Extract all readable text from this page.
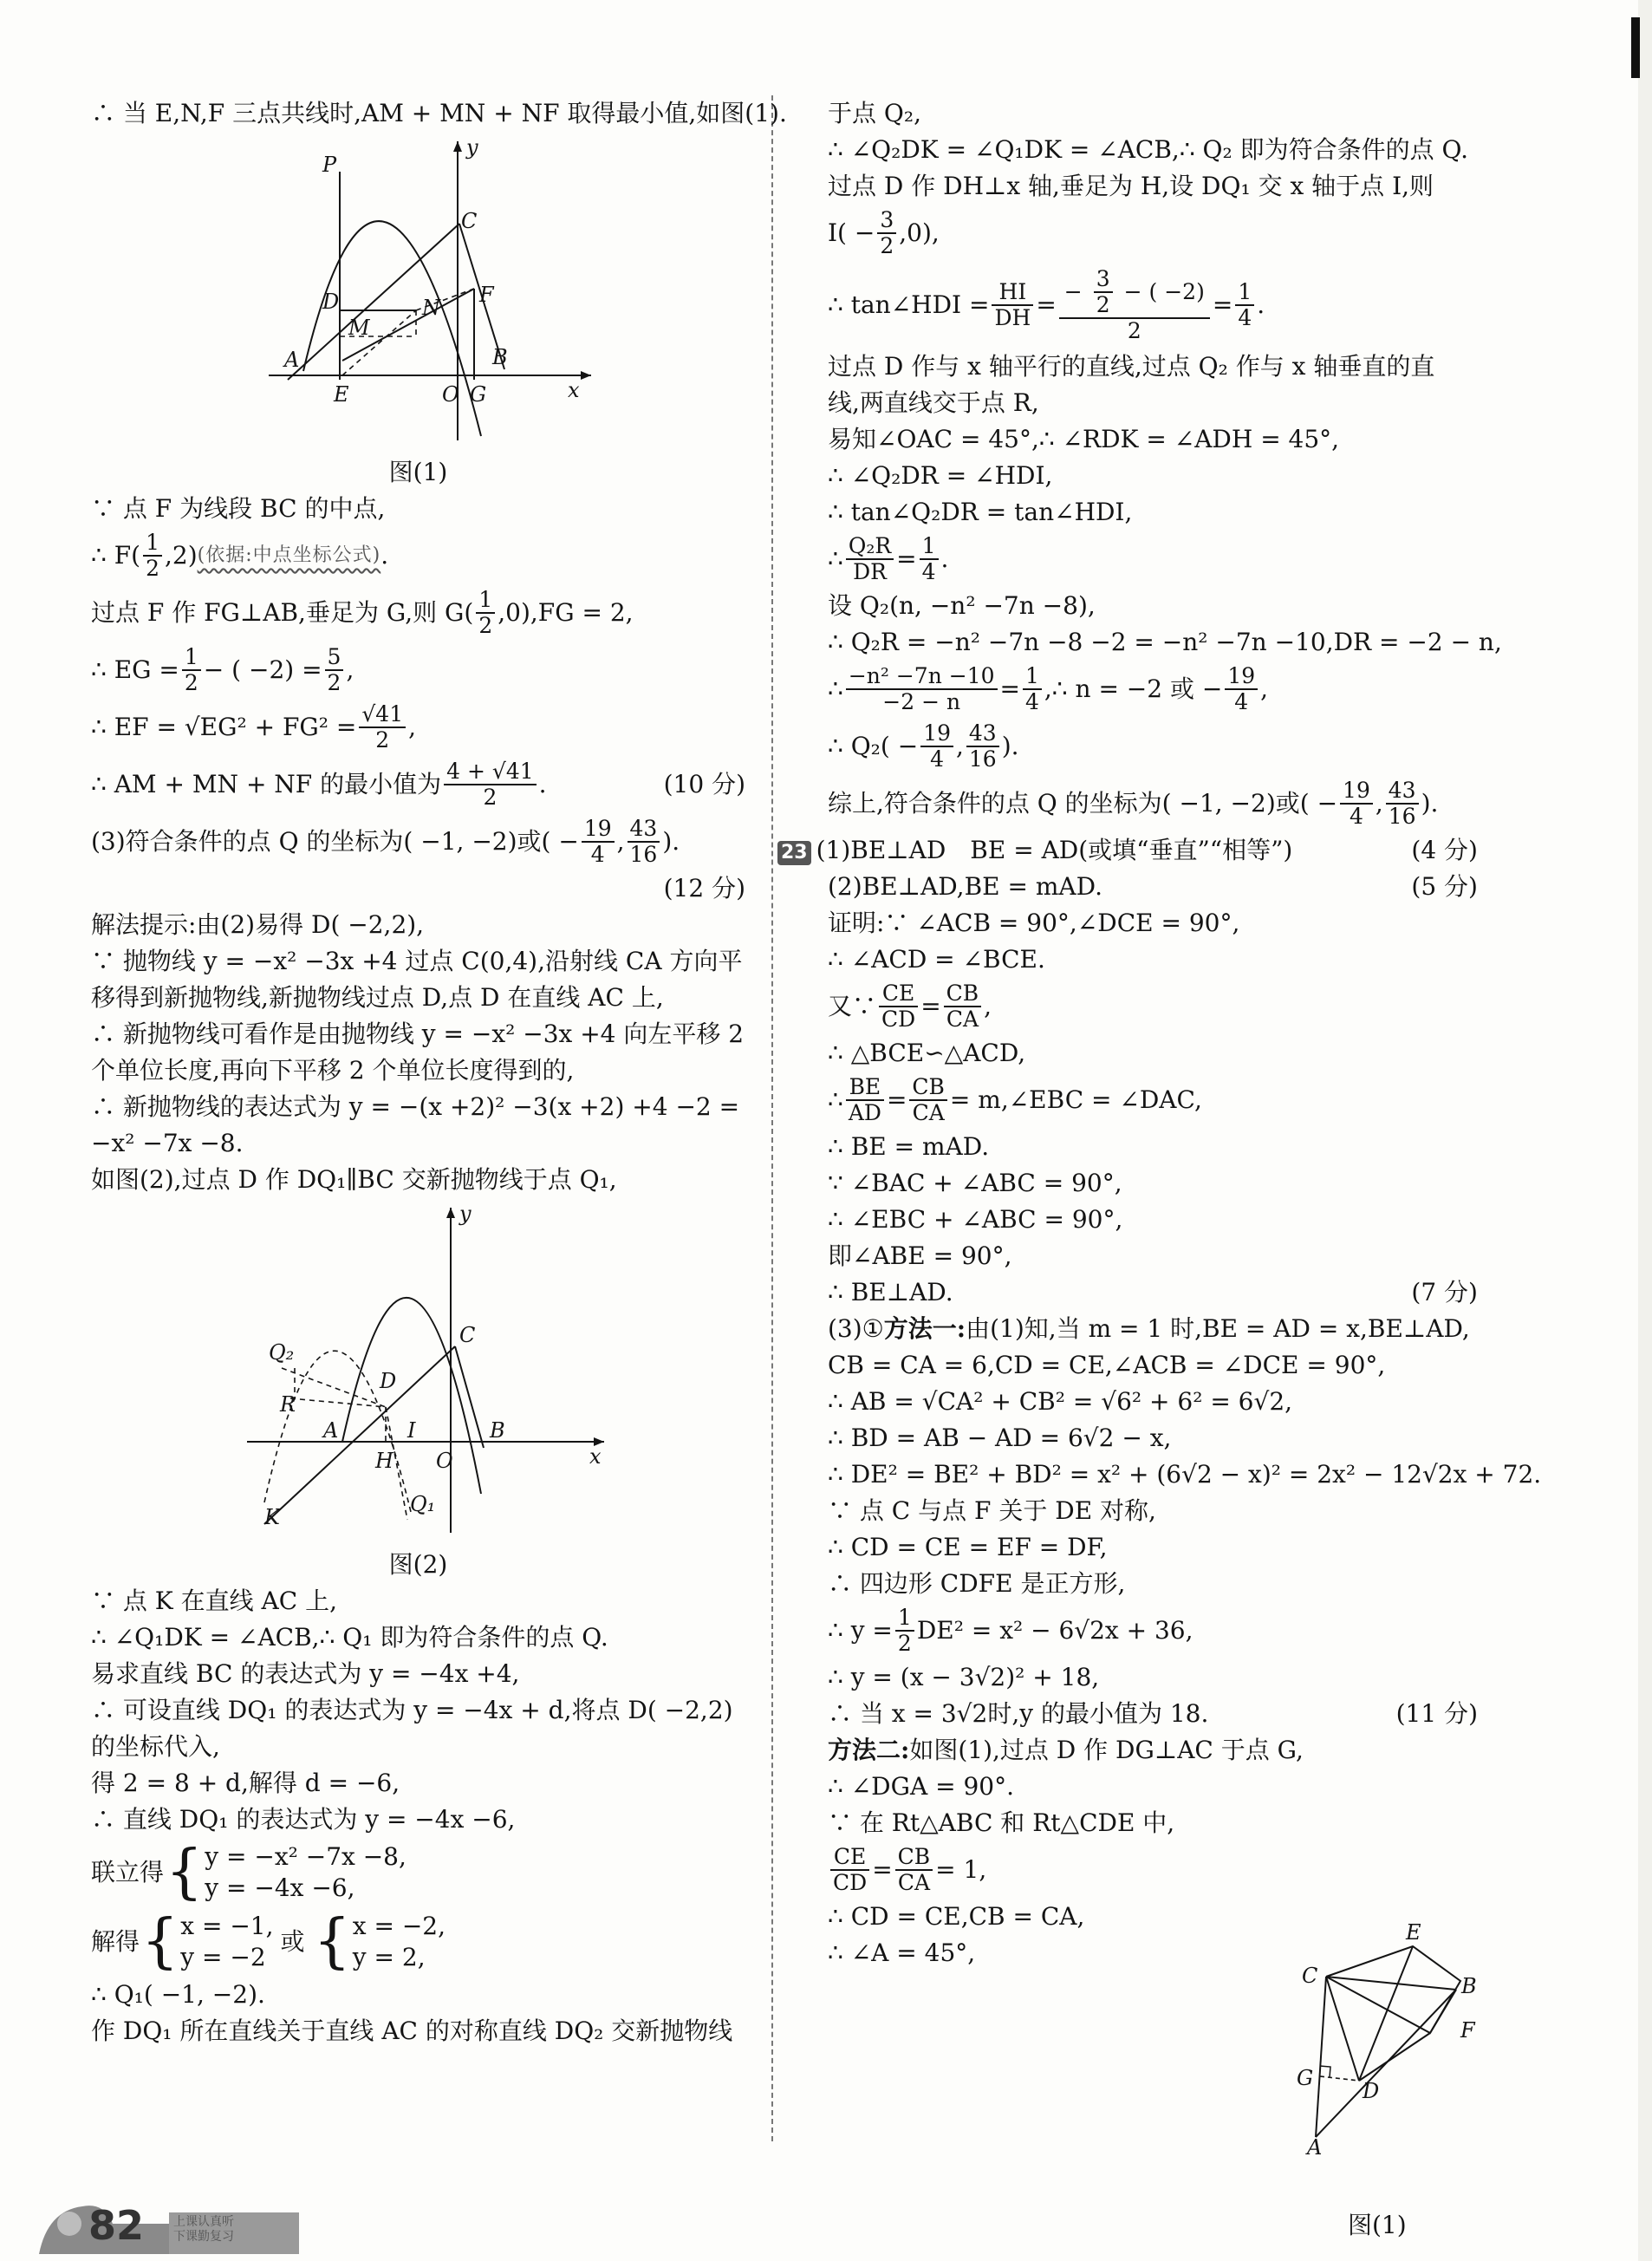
∴ 当 E,N,F 三点共线时,AM + MN + NF 取得最小值,如图(1).
P
y
C
D	N
F
M
A	B
E	O G	x
图(1)
∵ 点 F 为线段 BC 的中点,
∴ $F( \frac{1}{2} ,2)$ (依据:中点坐标公式) .
过点 F 作 FG⊥AB,垂足为 G,则 $G( \frac{1}{2} ,0),FG = 2$,
∴ EG = $\frac{1}{2}$ − ( $-2) = \frac{5}{2}$ ,
∴ EF = $√EG^2 + FG^2 = \frac{√41}{2}$ ,
∴ AM + MN + NF 的最小值为 $\frac{4 + √41}{2}$ .	(10 分)
(3)符合条件的点 Q 的坐标为( −1, −2)或( − $\frac{19}{4}$ , $\frac{43}{16}$ ).
(12 分)
解法提示:由(2)易得 D( −2,2),
∵ 抛物线 y = −x² −3x +4 过点 C(0,4),沿射线 CA 方向平
移得到新抛物线,新抛物线过点 D,点 D 在直线 AC 上,
∴ 新抛物线可看作是由抛物线 y = −x² −3x +4 向左平移 2
个单位长度,再向下平移 2 个单位长度得到的,
∴ 新抛物线的表达式为 y = −(x +2)² −3(x +2) +4 −2 =
−x² −7x −8.
如图(2),过点 D 作 DQ₁∥BC 交新抛物线于点 Q₁,
y
Q₂
C
D
R
A	I	B
H O	x
Q₁
K
图(2)
∵ 点 K 在直线 AC 上,
∴ ∠Q₁DK = ∠ACB,∴ Q₁ 即为符合条件的点 Q.
易求直线 BC 的表达式为 y = −4x +4,
∴ 可设直线 DQ₁ 的表达式为 y = −4x + d,将点 D( −2,2)
的坐标代入,
得 2 = 8 + d,解得 d = −6,
∴ 直线 DQ₁ 的表达式为 y = −4x −6,
联立得 { y = −x² −7x −8,
y = −4x −6,
解得 { x = −1,
y = −2
或 { x = −2,
y = 2,
∴ Q₁( −1, −2).
作 DQ₁ 所在直线关于直线 AC 的对称直线 DQ₂ 交新抛物线
于点 Q₂,
∴ ∠Q₂DK = ∠Q₁DK = ∠ACB,∴ Q₂ 即为符合条件的点 Q.
过点 D 作 DH⊥x 轴,垂足为 H,设 DQ₁ 交 x 轴于点 I,则
$I( - \frac{3}{2} ,0)$,
∴ tan∠HDI = $\frac{HI}{DH} = \frac{- \frac{3}{2} - ( -2)}{2} = \frac{1}{4}$ .
过点 D 作与 x 轴平行的直线,过点 Q₂ 作与 x 轴垂直的直
线,两直线交于点 R,
易知∠OAC = 45°,∴ ∠RDK = ∠ADH = 45°,
∴ ∠Q₂DR = ∠HDI,
∴ tan∠Q₂DR = tan∠HDI,
∴ $\frac{\text{Q₂R}}{DR} = \frac{1}{4}$ .
设 Q₂(n, −n² −7n −8),
∴ Q₂R = −n² −7n −8 −2 = −n² −7n −10,DR = −2 − n,
∴ $\frac{\text{−n² −7n −10}}{-2 - n} = \frac{1}{4}$ ,∴ n = −2 或 − $\frac{19}{4}$ ,
∴ $Q_2( - \frac{19}{4}$ , $\frac{43}{16}$ ).
综上,符合条件的点 Q 的坐标为( −1, −2)或( − $\frac{19}{4}$ , $\frac{43}{16}$ ).
23 (1)BE⊥AD　BE = AD(或填“垂直”“相等”)	(4 分)
(2)BE⊥AD,BE = mAD.	(5 分)
证明:∵ ∠ACB = 90°,∠DCE = 90°,
∴ ∠ACD = ∠BCE.
又∵ $\frac{CE}{CD} = \frac{CB}{CA}$ ,
∴ △BCE∽△ACD,
∴ $\frac{BE}{AD} = \frac{CB}{CA}$ = m,∠EBC = ∠DAC,
∴ BE = mAD.
∵ ∠BAC + ∠ABC = 90°,
∴ ∠EBC + ∠ABC = 90°,
即∠ABE = 90°,
∴ BE⊥AD.	(7 分)
(3)①方法一:由(1)知,当 m = 1 时,BE = AD = x,BE⊥AD,
CB = CA = 6,CD = CE,∠ACB = ∠DCE = 90°,
∴ AB = √CA² + CB² = √6² + 6² = 6√2,
∴ BD = AB − AD = 6√2 − x,
∴ DE² = BE² + BD² = x² + (6√2 − x)² = 2x² − 12√2x + 72.
∵ 点 C 与点 F 关于 DE 对称,
∴ CD = CE = EF = DF,
∴ 四边形 CDFE 是正方形,
∴ $y = \frac{1}{2} DE^2 = x^2 - 6√2x + 36$,
∴ y = (x − 3√2)² + 18,
∴ 当 x = 3√2时,y 的最小值为 18.	(11 分)
方法二:如图(1),过点 D 作 DG⊥AC 于点 G,
∴ ∠DGA = 90°.
∵ 在 Rt△ABC 和 Rt△CDE 中,
$\frac{CE}{CD} = \frac{CB}{CA} = 1$,
∴ CD = CE,CB = CA,
∴ ∠A = 45°,
E
C	B
F
G
D
A
图(1)
82 上课认真听
下课勤复习
